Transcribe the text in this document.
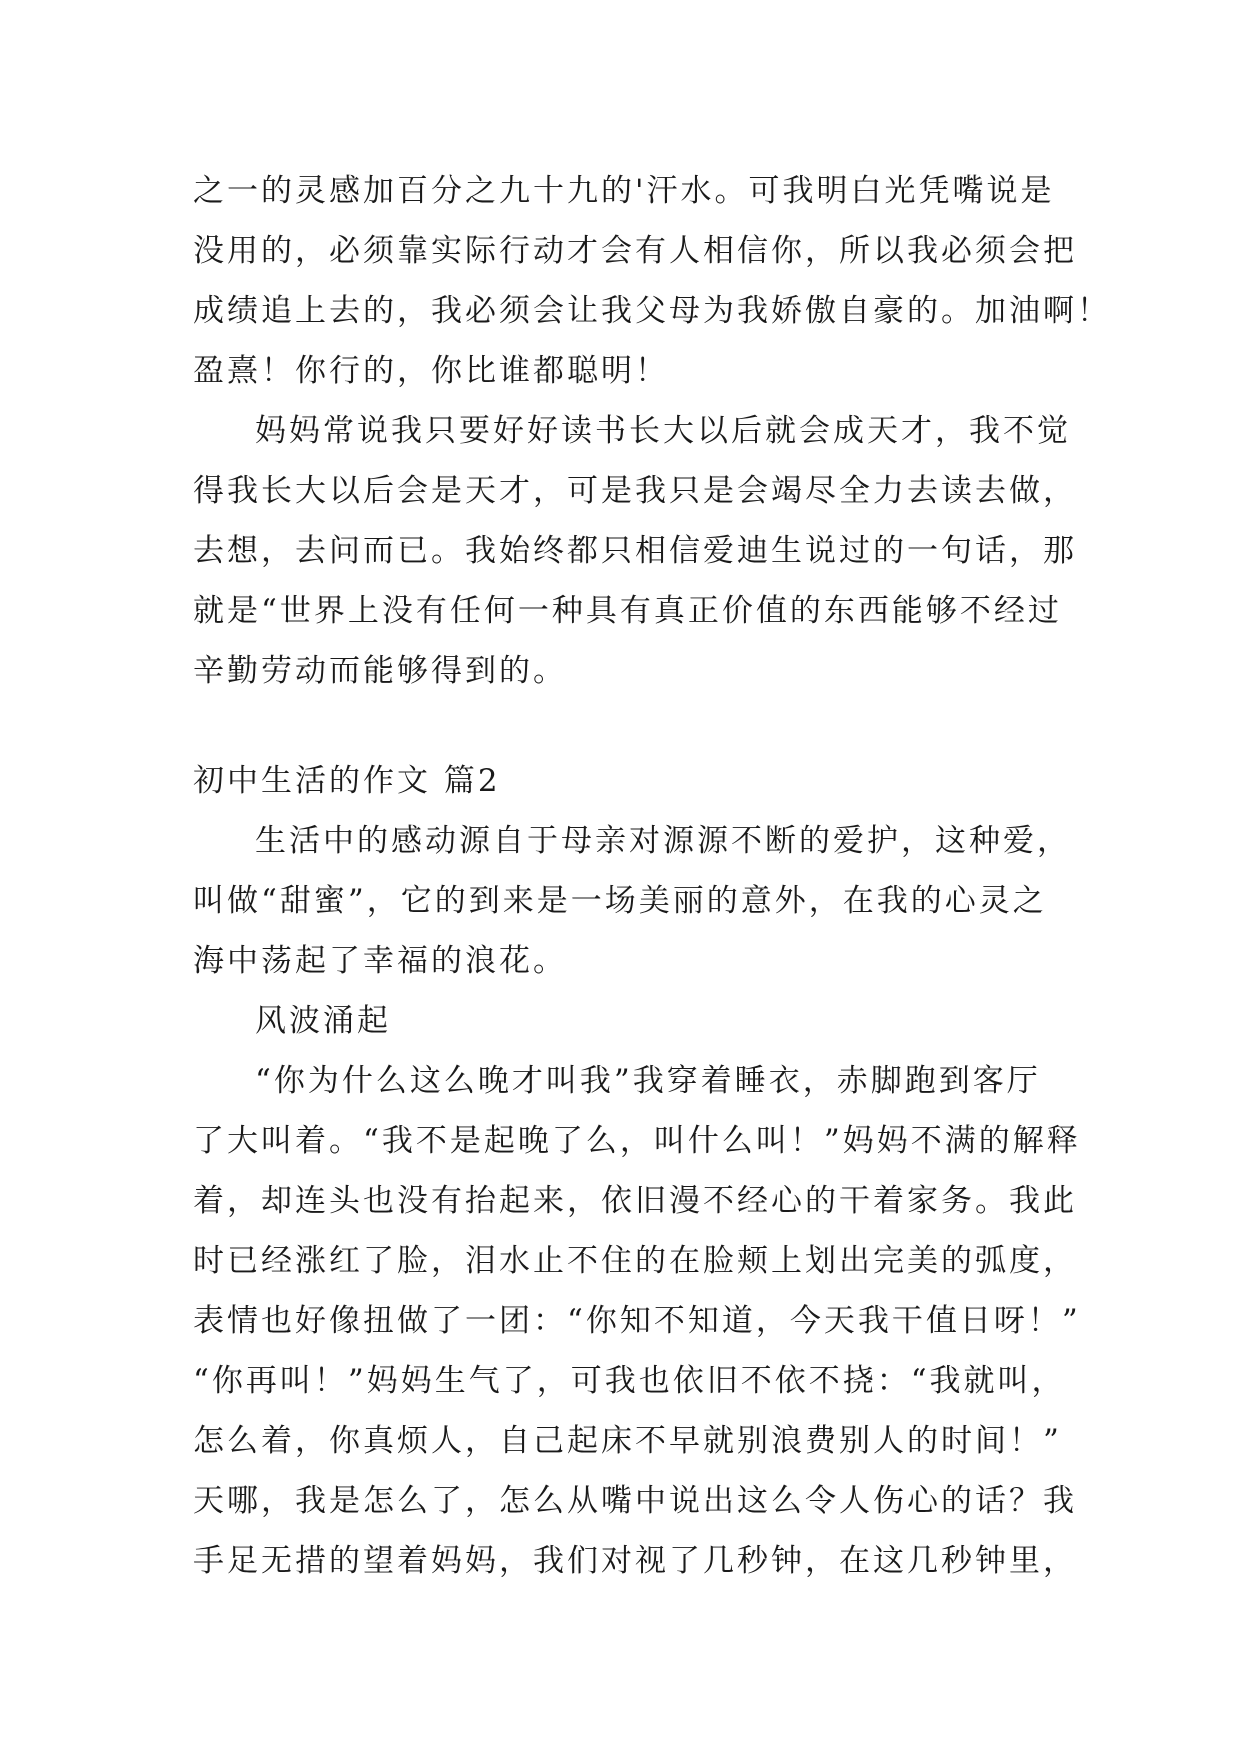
之一的灵感加百分之九十九的'汗水。可我明白光凭嘴说是
没用的，必须靠实际行动才会有人相信你，所以我必须会把
成绩追上去的，我必须会让我父母为我娇傲自豪的。加油啊！
盈熹！你行的，你比谁都聪明！
妈妈常说我只要好好读书长大以后就会成天才，我不觉
得我长大以后会是天才，可是我只是会竭尽全力去读去做，
去想，去问而已。我始终都只相信爱迪生说过的一句话，那
就是“世界上没有任何一种具有真正价值的东西能够不经过
辛勤劳动而能够得到的。
初中生活的作文 篇2
生活中的感动源自于母亲对源源不断的爱护，这种爱，
叫做“甜蜜”，它的到来是一场美丽的意外，在我的心灵之
海中荡起了幸福的浪花。
风波涌起
“你为什么这么晚才叫我”我穿着睡衣，赤脚跑到客厅
了大叫着。“我不是起晚了么，叫什么叫！”妈妈不满的解释
着，却连头也没有抬起来，依旧漫不经心的干着家务。我此
时已经涨红了脸，泪水止不住的在脸颊上划出完美的弧度，
表情也好像扭做了一团：“你知不知道，今天我干值日呀！”
“你再叫！”妈妈生气了，可我也依旧不依不挠：“我就叫，
怎么着，你真烦人，自己起床不早就别浪费别人的时间！”
天哪，我是怎么了，怎么从嘴中说出这么令人伤心的话？我
手足无措的望着妈妈，我们对视了几秒钟，在这几秒钟里，
